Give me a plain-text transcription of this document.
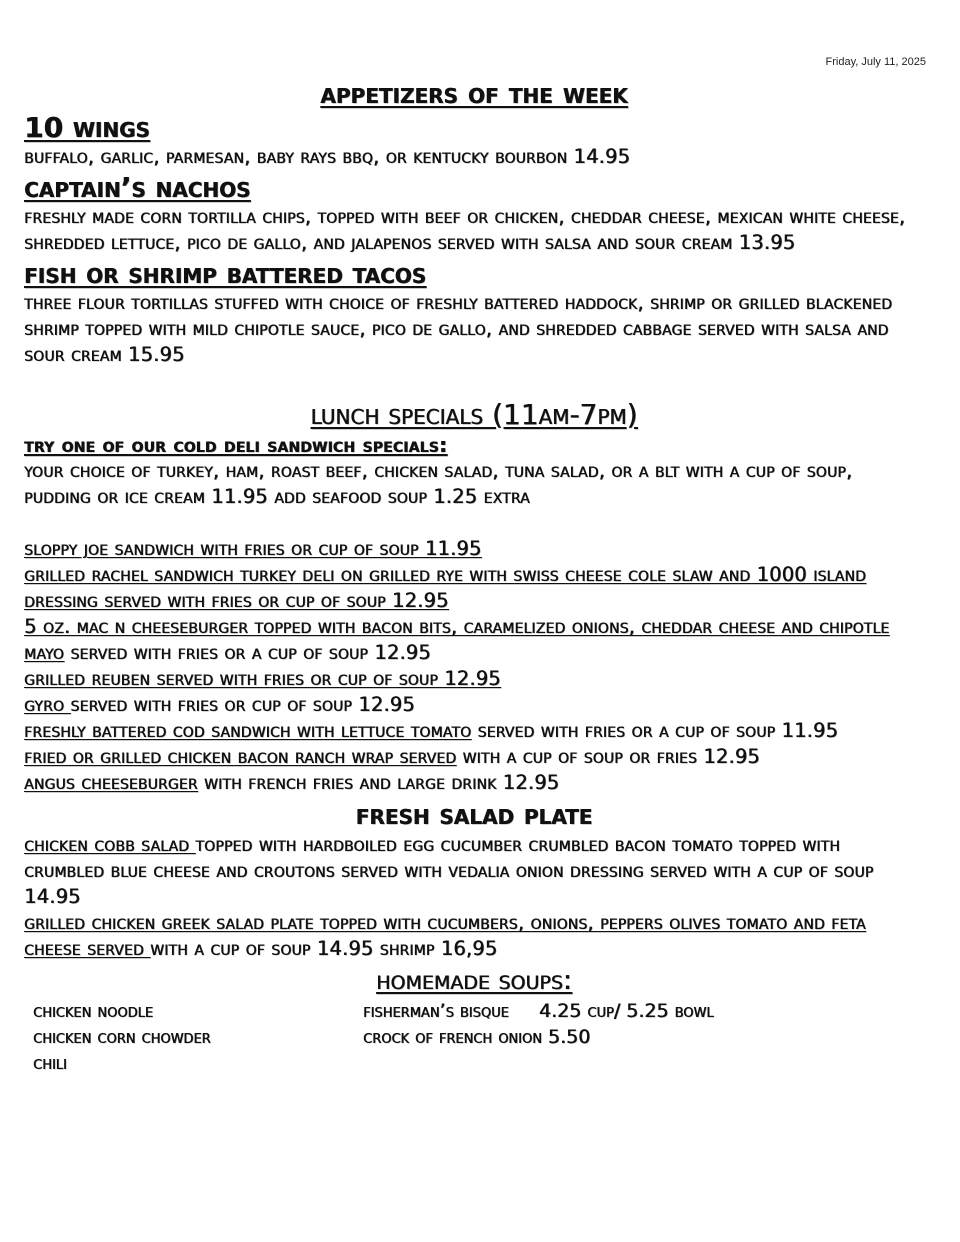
Friday, July 11, 2025
appetizers of the week
10 wings
buffalo, garlic, parmesan, baby rays bbq, or kentucky bourbon 14.95
captain’s nachos
freshly made corn tortilla chips, topped with beef or chicken, cheddar cheese, mexican white cheese, shredded lettuce, pico de gallo, and jalapenos served with salsa and sour cream 13.95
fish or shrimp battered tacos
three flour tortillas stuffed with choice of freshly battered haddock, shrimp or grilled blackened shrimp topped with mild chipotle sauce, pico de gallo, and shredded cabbage served with salsa and sour cream 15.95
lunch specials (11am-7pm)
try one of our cold deli sandwich specials:
your choice of turkey, ham, roast beef, chicken salad, tuna salad, or a blt with a cup of soup, pudding or ice cream 11.95 add seafood soup 1.25 extra
sloppy joe sandwich with fries or cup of soup 11.95
grilled rachel sandwich turkey deli on grilled rye with swiss cheese cole slaw and 1000 island dressing served with fries or cup of soup 12.95
5 oz. mac n cheeseburger topped with bacon bits, caramelized onions, cheddar cheese and chipotle mayo served with fries or a cup of soup 12.95
grilled reuben served with fries or cup of soup 12.95
gyro served with fries or cup of soup 12.95
freshly battered cod sandwich with lettuce tomato served with fries or a cup of soup 11.95
fried or grilled chicken bacon ranch wrap served with a cup of soup or fries 12.95
angus cheeseburger with french fries and large drink 12.95
fresh salad plate
chicken cobb salad topped with hardboiled egg cucumber crumbled bacon tomato topped with crumbled blue cheese and croutons served with vedalia onion dressing served with a cup of soup 14.95
grilled chicken greek salad plate topped with cucumbers, onions, peppers olives tomato and feta cheese served with a cup of soup 14.95 shrimp 16,95
homemade soups:
chicken noodle
chicken corn chowder
chili
fisherman’s bisque     4.25 cup/ 5.25 bowl
crock of french onion 5.50
